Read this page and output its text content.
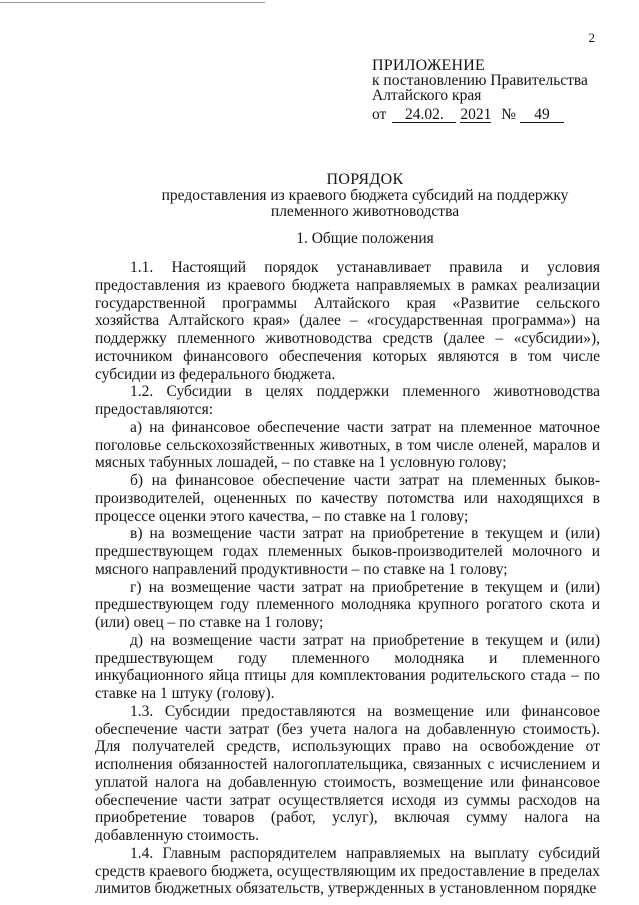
2
ПРИЛОЖЕНИЕ
к постановлению Правительства
Алтайского края
от 24.02. 2021 № 49
ПОРЯДОК
предоставления из краевого бюджета субсидий на поддержку
племенного животноводства
1. Общие положения

1.1. Настоящий порядок устанавливает правила и условия предоставления из краевого бюджета направляемых в рамках реализации государственной программы Алтайского края «Развитие сельского хозяйства Алтайского края» (далее – «государственная программа») на поддержку племенного животноводства средств (далее – «субсидии»), источником финансового обеспечения которых являются в том числе субсидии из федерального бюджета.

1.2. Субсидии в целях поддержки племенного животноводства предоставляются:

а) на финансовое обеспечение части затрат на племенное маточное поголовье сельскохозяйственных животных, в том числе оленей, маралов и мясных табунных лошадей, – по ставке на 1 условную голову;

б) на финансовое обеспечение части затрат на племенных быков-производителей, оцененных по качеству потомства или находящихся в процессе оценки этого качества, – по ставке на 1 голову;

в) на возмещение части затрат на приобретение в текущем и (или) предшествующем годах племенных быков-производителей молочного и мясного направлений продуктивности – по ставке на 1 голову;

г) на возмещение части затрат на приобретение в текущем и (или) предшествующем году племенного молодняка крупного рогатого скота и (или) овец – по ставке на 1 голову;

д) на возмещение части затрат на приобретение в текущем и (или) предшествующем году племенного молодняка и племенного инкубационного яйца птицы для комплектования родительского стада – по ставке на 1 штуку (голову).

1.3. Субсидии предоставляются на возмещение или финансовое обеспечение части затрат (без учета налога на добавленную стоимость). Для получателей средств, использующих право на освобождение от исполнения обязанностей налогоплательщика, связанных с исчислением и уплатой налога на добавленную стоимость, возмещение или финансовое обеспечение части затрат осуществляется исходя из суммы расходов на приобретение товаров (работ, услуг), включая сумму налога на добавленную стоимость.

1.4. Главным распорядителем направляемых на выплату субсидий средств краевого бюджета, осуществляющим их предоставление в пределах лимитов бюджетных обязательств, утвержденных в установленном порядке
